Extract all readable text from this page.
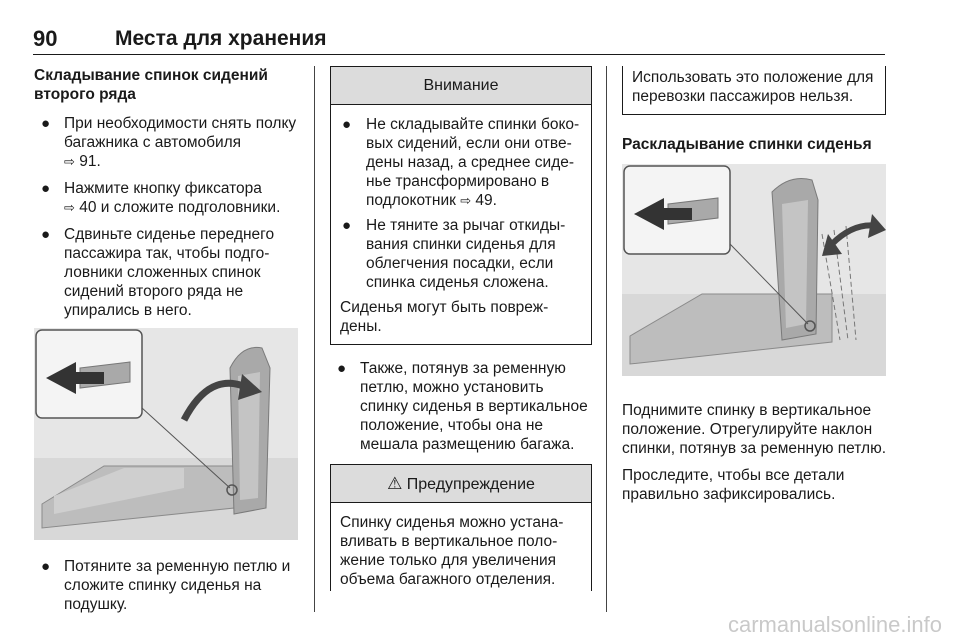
90	Места для хранения
Складывание спинок сидений второго ряда
● При необходимости снять полку багажника с автомобиля
⇨ 91.
● Нажмите кнопку фиксатора
⇨ 40 и сложите подголовники.
● Сдвиньте сиденье переднего пассажира так, чтобы подго-ловники сложенных спинок сидений второго ряда не упирались в него.
● Потяните за ременную петлю и сложите спинку сиденья на подушку.
Внимание
● Не складывайте спинки боко-вых сидений, если они отве-дены назад, а среднее сиде-нье трансформировано в подлокотник ⇨ 49.
● Не тяните за рычаг откиды-вания спинки сиденья для облегчения посадки, если спинка сиденья сложена.

Сиденья могут быть повреж-дены.

● Также, потянув за ременную петлю, можно установить спинку сиденья в вертикальное положение, чтобы она не мешала размещению багажа.
⚠ Предупреждение

Спинку сиденья можно устана-вливать в вертикальное поло-жение только для увеличения объема багажного отделения.

Использовать это положение для перевозки пассажиров нельзя.

Раскладывание спинки сиденья

Поднимите спинку в вертикальное положение. Отрегулируйте наклон спинки, потянув за ременную петлю.

Проследите, чтобы все детали правильно зафиксировались.

carmanualsonline.info
